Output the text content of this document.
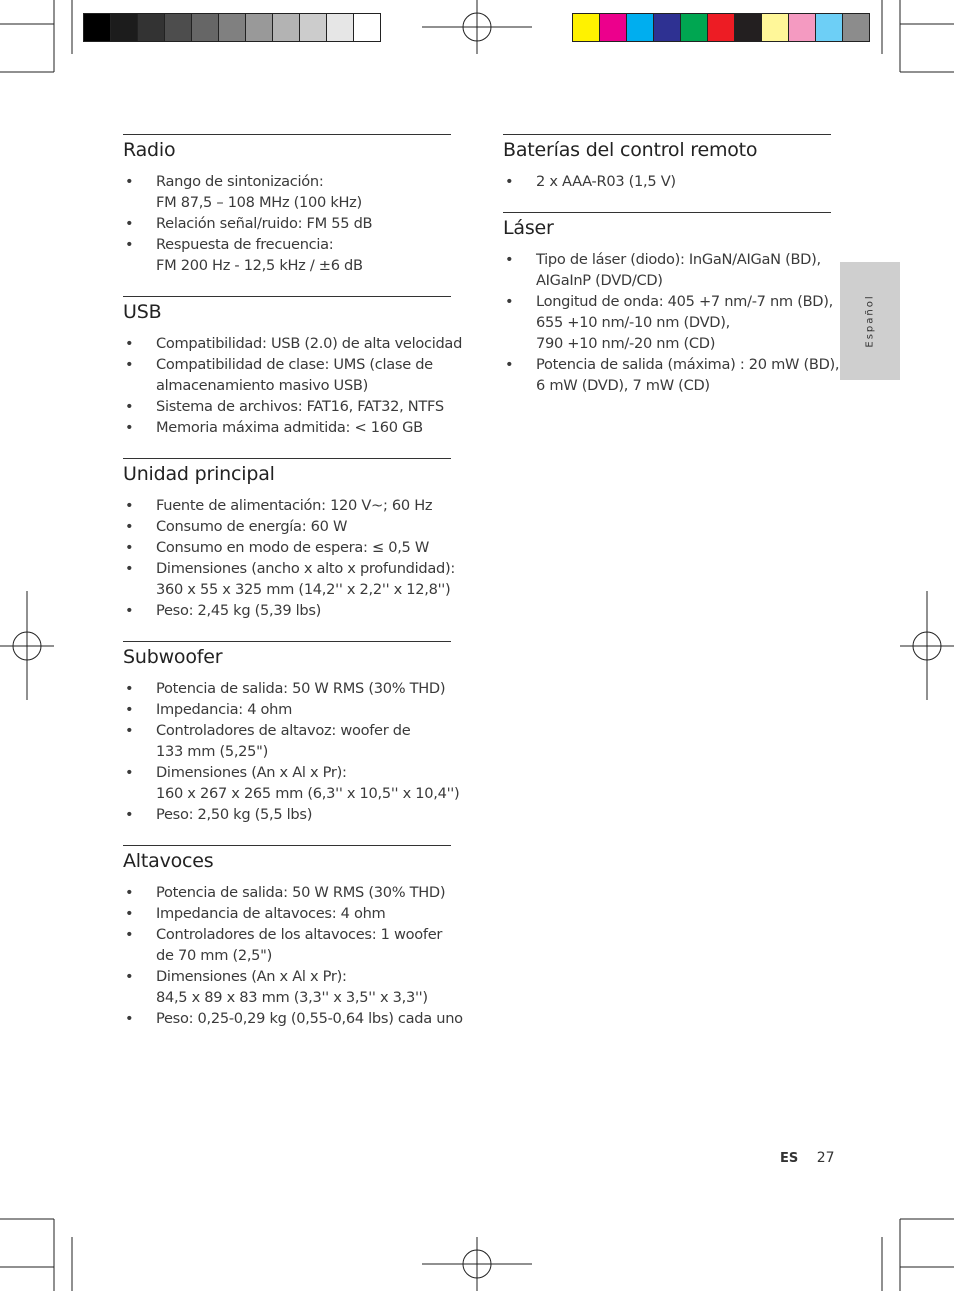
Radio
• Rango de sintonización:
FM 87,5 – 108 MHz (100 kHz)
• Relación señal/ruido: FM 55 dB
• Respuesta de frecuencia:
FM 200 Hz - 12,5 kHz / ±6 dB
USB
• Compatibilidad: USB (2.0) de alta velocidad
• Compatibilidad de clase: UMS (clase de
almacenamiento masivo USB)
• Sistema de archivos: FAT16, FAT32, NTFS
• Memoria máxima admitida: < 160 GB
Unidad principal
• Fuente de alimentación: 120 V~; 60 Hz
• Consumo de energía: 60 W
• Consumo en modo de espera: ≤ 0,5 W
• Dimensiones (ancho x alto x profundidad):
360 x 55 x 325 mm (14,2'' x 2,2'' x 12,8'')
• Peso: 2,45 kg (5,39 lbs)
Subwoofer
• Potencia de salida: 50 W RMS (30% THD)
• Impedancia: 4 ohm
• Controladores de altavoz: woofer de
133 mm (5,25")
• Dimensiones (An x Al x Pr):
160 x 267 x 265 mm (6,3'' x 10,5'' x 10,4'')
• Peso: 2,50 kg (5,5 lbs)
Altavoces
• Potencia de salida: 50 W RMS (30% THD)
• Impedancia de altavoces: 4 ohm
• Controladores de los altavoces: 1 woofer
de 70 mm (2,5")
• Dimensiones (An x Al x Pr):
84,5 x 89 x 83 mm (3,3'' x 3,5'' x 3,3'')
• Peso: 0,25-0,29 kg (0,55-0,64 lbs) cada uno
Baterías del control remoto
• 2 x AAA-R03 (1,5 V)
Láser
• Tipo de láser (diodo): InGaN/AIGaN (BD),
AIGaInP (DVD/CD)
• Longitud de onda: 405 +7 nm/-7 nm (BD),
655 +10 nm/-10 nm (DVD),
790 +10 nm/-20 nm (CD)
• Potencia de salida (máxima) : 20 mW (BD),
6 mW (DVD), 7 mW (CD)
Español
ES 27
